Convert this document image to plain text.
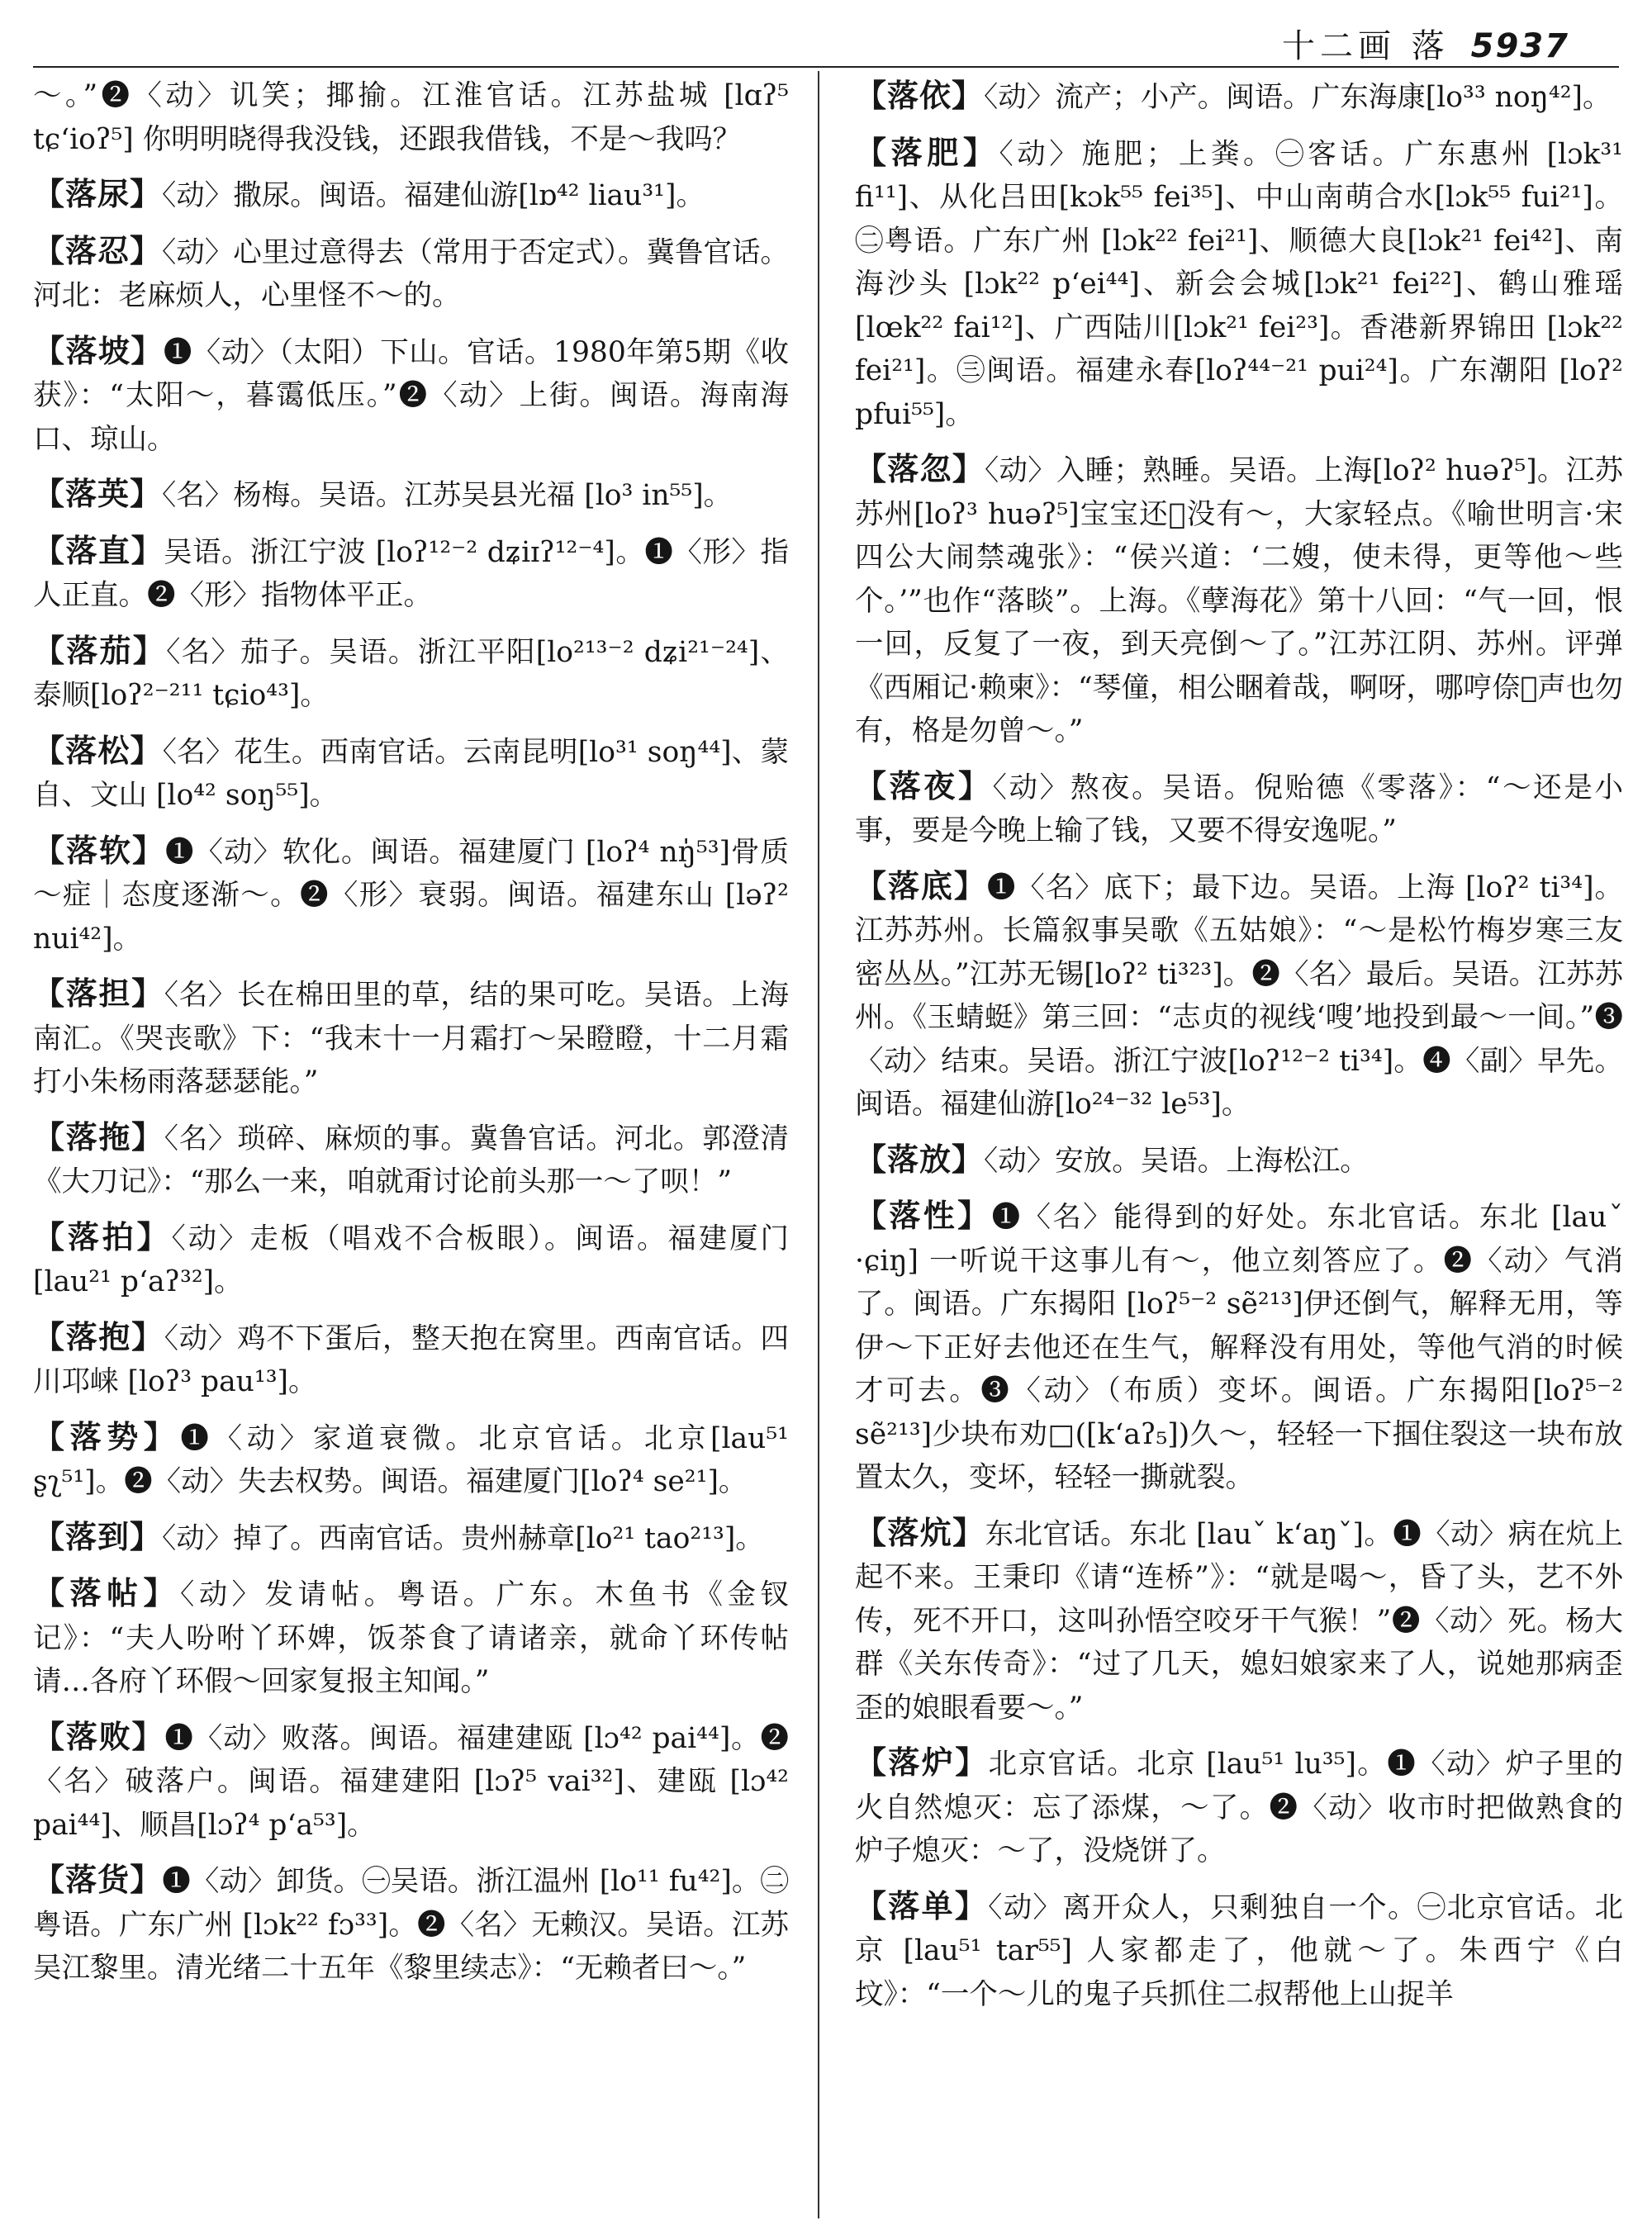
十二画 落 5937

～。”❷〈动〉讥笑；揶揄。江淮官话。江苏盐城 [lɑʔ⁵ tɕʻioʔ⁵] 你明明晓得我没钱，还跟我借钱，不是～我吗？

【落尿】〈动〉撒尿。闽语。福建仙游[lɒ⁴² liau³¹]。

【落忍】〈动〉心里过意得去（常用于否定式）。冀鲁官话。河北：老麻烦人，心里怪不～的。

【落坡】❶〈动〉（太阳）下山。官话。1980年第5期《收获》：“太阳～，暮霭低压。”❷〈动〉上街。闽语。海南海口、琼山。

【落英】〈名〉杨梅。吴语。江苏吴县光福 [lo³ in⁵⁵]。

【落直】吴语。浙江宁波 [loʔ¹²⁻² dʑiɪʔ¹²⁻⁴]。❶〈形〉指人正直。❷〈形〉指物体平正。

【落茄】〈名〉茄子。吴语。浙江平阳[lo²¹³⁻² dʑi²¹⁻²⁴]、泰顺[loʔ²⁻²¹¹ tɕio⁴³]。

【落松】〈名〉花生。西南官话。云南昆明[lo³¹ soŋ⁴⁴]、蒙自、文山 [lo⁴² soŋ⁵⁵]。

【落软】❶〈动〉软化。闽语。福建厦门 [loʔ⁴ nŋ̍⁵³]骨质～症｜态度逐渐～。❷〈形〉衰弱。闽语。福建东山 [ləʔ² nui⁴²]。

【落担】〈名〉长在棉田里的草，结的果可吃。吴语。上海南汇。《哭丧歌》下：“我末十一月霜打～呆瞪瞪，十二月霜打小朱杨雨落瑟瑟能。”

【落拖】〈名〉琐碎、麻烦的事。冀鲁官话。河北。郭澄清《大刀记》：“那么一来，咱就甭讨论前头那一～了呗！”

【落拍】〈动〉走板（唱戏不合板眼）。闽语。福建厦门 [lau²¹ pʻaʔ³²]。

【落抱】〈动〉鸡不下蛋后，整天抱在窝里。西南官话。四川邛崃 [loʔ³ pau¹³]。

【落势】❶〈动〉家道衰微。北京官话。北京[lau⁵¹ ʂʅ⁵¹]。❷〈动〉失去权势。闽语。福建厦门[loʔ⁴ se²¹]。

【落到】〈动〉掉了。西南官话。贵州赫章[lo²¹ tao²¹³]。

【落帖】〈动〉发请帖。粤语。广东。木鱼书《金钗记》：“夫人吩咐丫环婢，饭茶食了请诸亲，就命丫环传帖请…各府丫环假～回家复报主知闻。”

【落败】❶〈动〉败落。闽语。福建建瓯 [lɔ⁴² pai⁴⁴]。❷〈名〉破落户。闽语。福建建阳 [lɔʔ⁵ vai³²]、建瓯 [lɔ⁴² pai⁴⁴]、顺昌[lɔʔ⁴ pʻa⁵³]。

【落货】❶〈动〉卸货。㊀吴语。浙江温州 [lo¹¹ fu⁴²]。㊁粤语。广东广州 [lɔk²² fɔ³³]。❷〈名〉无赖汉。吴语。江苏吴江黎里。清光绪二十五年《黎里续志》：“无赖者曰～。”

【落依】〈动〉流产；小产。闽语。广东海康[lo³³ noŋ⁴²]。

【落肥】〈动〉施肥；上粪。㊀客话。广东惠州 [lɔk³¹ fi¹¹]、从化吕田[kɔk⁵⁵ fei³⁵]、中山南萌合水[lɔk⁵⁵ fui²¹]。㊁粤语。广东广州 [lɔk²² fei²¹]、顺德大良[lɔk²¹ fei⁴²]、南海沙头 [lɔk²² pʻei⁴⁴]、新会会城[lɔk²¹ fei²²]、鹤山雅瑶 [lœk²² fai¹²]、广西陆川[lɔk²¹ fei²³]。香港新界锦田 [lɔk²² fei²¹]。㊂闽语。福建永春[loʔ⁴⁴⁻²¹ pui²⁴]。广东潮阳 [loʔ² pfui⁵⁵]。

【落忽】〈动〉入睡；熟睡。吴语。上海[loʔ² huəʔ⁵]。江苏苏州[loʔ³ huəʔ⁵]宝宝还𫆜没有～，大家轻点。《喻世明言·宋四公大闹禁魂张》：“侯兴道：‘二嫂，使未得，更等他～些个。’”也作“落睒”。上海。《孽海花》第十八回：“气一回，恨一回，反复了一夜，到天亮倒～了。”江苏江阴、苏州。评弹《西厢记·赖柬》：“琴僮，相公睏着哉，啊呀，哪哼倷𪘏声也勿有，格是勿曾～。”

【落夜】〈动〉熬夜。吴语。倪贻德《零落》：“～还是小事，要是今晚上输了钱，又要不得安逸呢。”

【落底】❶〈名〉底下；最下边。吴语。上海 [loʔ² ti³⁴]。江苏苏州。长篇叙事吴歌《五姑娘》：“～是松竹梅岁寒三友密丛丛。”江苏无锡[loʔ² ti³²³]。❷〈名〉最后。吴语。江苏苏州。《玉蜻蜓》第三回：“志贞的视线‘嗖’地投到最～一间。”❸〈动〉结束。吴语。浙江宁波[loʔ¹²⁻² ti³⁴]。❹〈副〉早先。闽语。福建仙游[lo²⁴⁻³² le⁵³]。

【落放】〈动〉安放。吴语。上海松江。

【落性】❶〈名〉能得到的好处。东北官话。东北 [lauˇ ·ɕiŋ] 一听说干这事儿有～，他立刻答应了。❷〈动〉气消了。闽语。广东揭阳 [loʔ⁵⁻² sẽ²¹³]伊还倒气，解释无用，等伊～下正好去他还在生气，解释没有用处，等他气消的时候才可去。❸〈动〉（布质）变坏。闽语。广东揭阳[loʔ⁵⁻² sẽ²¹³]少块布劝□([kʻaʔ₅])久～，轻轻一下掴住裂这一块布放置太久，变坏，轻轻一撕就裂。

【落炕】东北官话。东北 [lauˇ kʻaŋˇ]。❶〈动〉病在炕上起不来。王秉印《请“连桥”》：“就是喝～，昏了头，艺不外传，死不开口，这叫孙悟空咬牙干气猴！”❷〈动〉死。杨大群《关东传奇》：“过了几天，媳妇娘家来了人，说她那病歪歪的娘眼看要～。”

【落炉】北京官话。北京 [lau⁵¹ lu³⁵]。❶〈动〉炉子里的火自然熄灭：忘了添煤，～了。❷〈动〉收市时把做熟食的炉子熄灭：～了，没烧饼了。

【落单】〈动〉离开众人，只剩独自一个。㊀北京官话。北京 [lau⁵¹ tar⁵⁵] 人家都走了，他就～了。朱西宁《白坟》：“一个～儿的鬼子兵抓住二叔帮他上山捉羊
